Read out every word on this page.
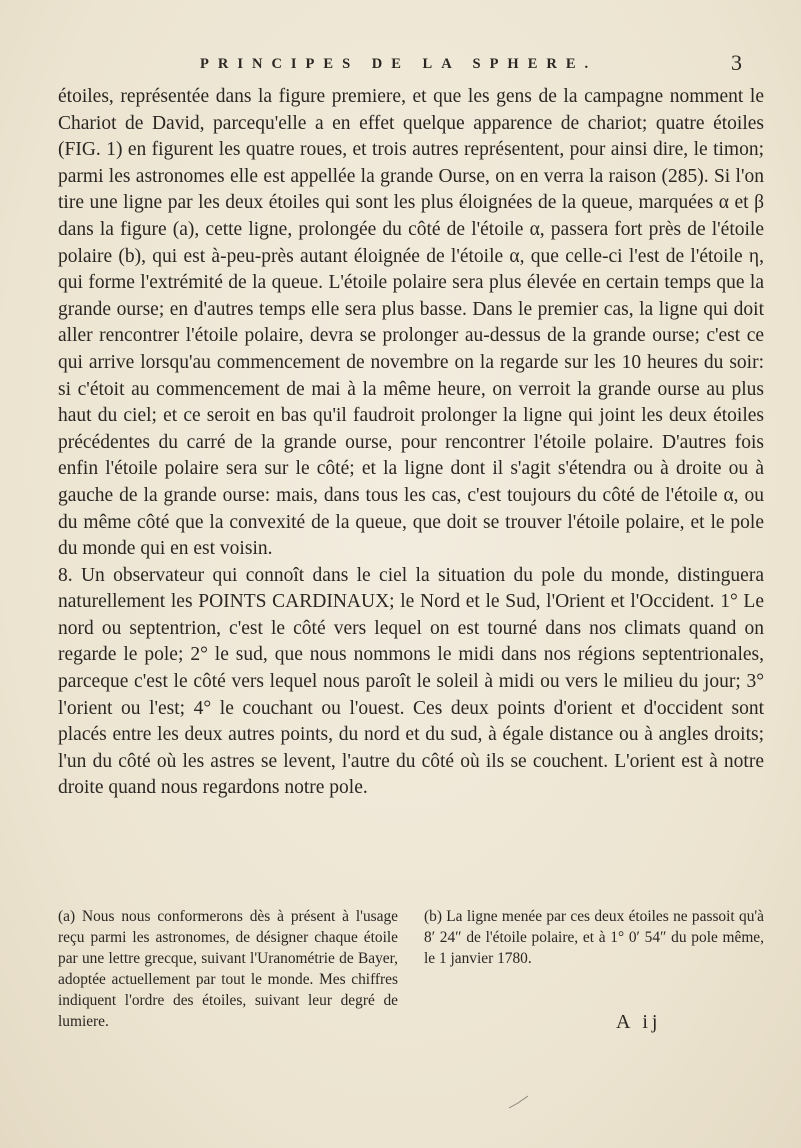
PRINCIPES DE LA SPHERE.	3

étoiles, représentée dans la figure premiere, et que les gens de la campagne nomment le Chariot de David, parcequ'elle a en effet quelque apparence de chariot; quatre étoiles (FIG. 1) en figurent les quatre roues, et trois autres représentent, pour ainsi dire, le timon; parmi les astronomes elle est appellée la grande Ourse, on en verra la raison (285). Si l'on tire une ligne par les deux étoiles qui sont les plus éloignées de la queue, marquées α et β dans la figure (a), cette ligne, prolongée du côté de l'étoile α, passera fort près de l'étoile polaire (b), qui est à-peu-près autant éloignée de l'étoile α, que celle-ci l'est de l'étoile η, qui forme l'extrémité de la queue. L'étoile polaire sera plus élevée en certain temps que la grande ourse; en d'autres temps elle sera plus basse. Dans le premier cas, la ligne qui doit aller rencontrer l'étoile polaire, devra se prolonger au-dessus de la grande ourse; c'est ce qui arrive lorsqu'au commencement de novembre on la regarde sur les 10 heures du soir: si c'étoit au commencement de mai à la même heure, on verroit la grande ourse au plus haut du ciel; et ce seroit en bas qu'il faudroit prolonger la ligne qui joint les deux étoiles précédentes du carré de la grande ourse, pour rencontrer l'étoile polaire. D'autres fois enfin l'étoile polaire sera sur le côté; et la ligne dont il s'agit s'étendra ou à droite ou à gauche de la grande ourse: mais, dans tous les cas, c'est toujours du côté de l'étoile α, ou du même côté que la convexité de la queue, que doit se trouver l'étoile polaire, et le pole du monde qui en est voisin.

8. Un observateur qui connoît dans le ciel la situation du pole du monde, distinguera naturellement les POINTS CARDINAUX; le Nord et le Sud, l'Orient et l'Occident. 1° Le nord ou septentrion, c'est le côté vers lequel on est tourné dans nos climats quand on regarde le pole; 2° le sud, que nous nommons le midi dans nos régions septentrionales, parceque c'est le côté vers lequel nous paroît le soleil à midi ou vers le milieu du jour; 3° l'orient ou l'est; 4° le couchant ou l'ouest. Ces deux points d'orient et d'occident sont placés entre les deux autres points, du nord et du sud, à égale distance ou à angles droits; l'un du côté où les astres se levent, l'autre du côté où ils se couchent. L'orient est à notre droite quand nous regardons notre pole.

(a) Nous nous conformerons dès à présent à l'usage reçu parmi les astronomes, de désigner chaque étoile par une lettre grecque, suivant l'Uranométrie de Bayer, adoptée actuellement par tout le monde. Mes chiffres indiquent l'ordre des étoiles, suivant leur degré de lumiere.
(b) La ligne menée par ces deux étoiles ne passoit qu'à 8′ 24″ de l'étoile polaire, et à 1° 0′ 54″ du pole même, le 1 janvier 1780.
A ij
